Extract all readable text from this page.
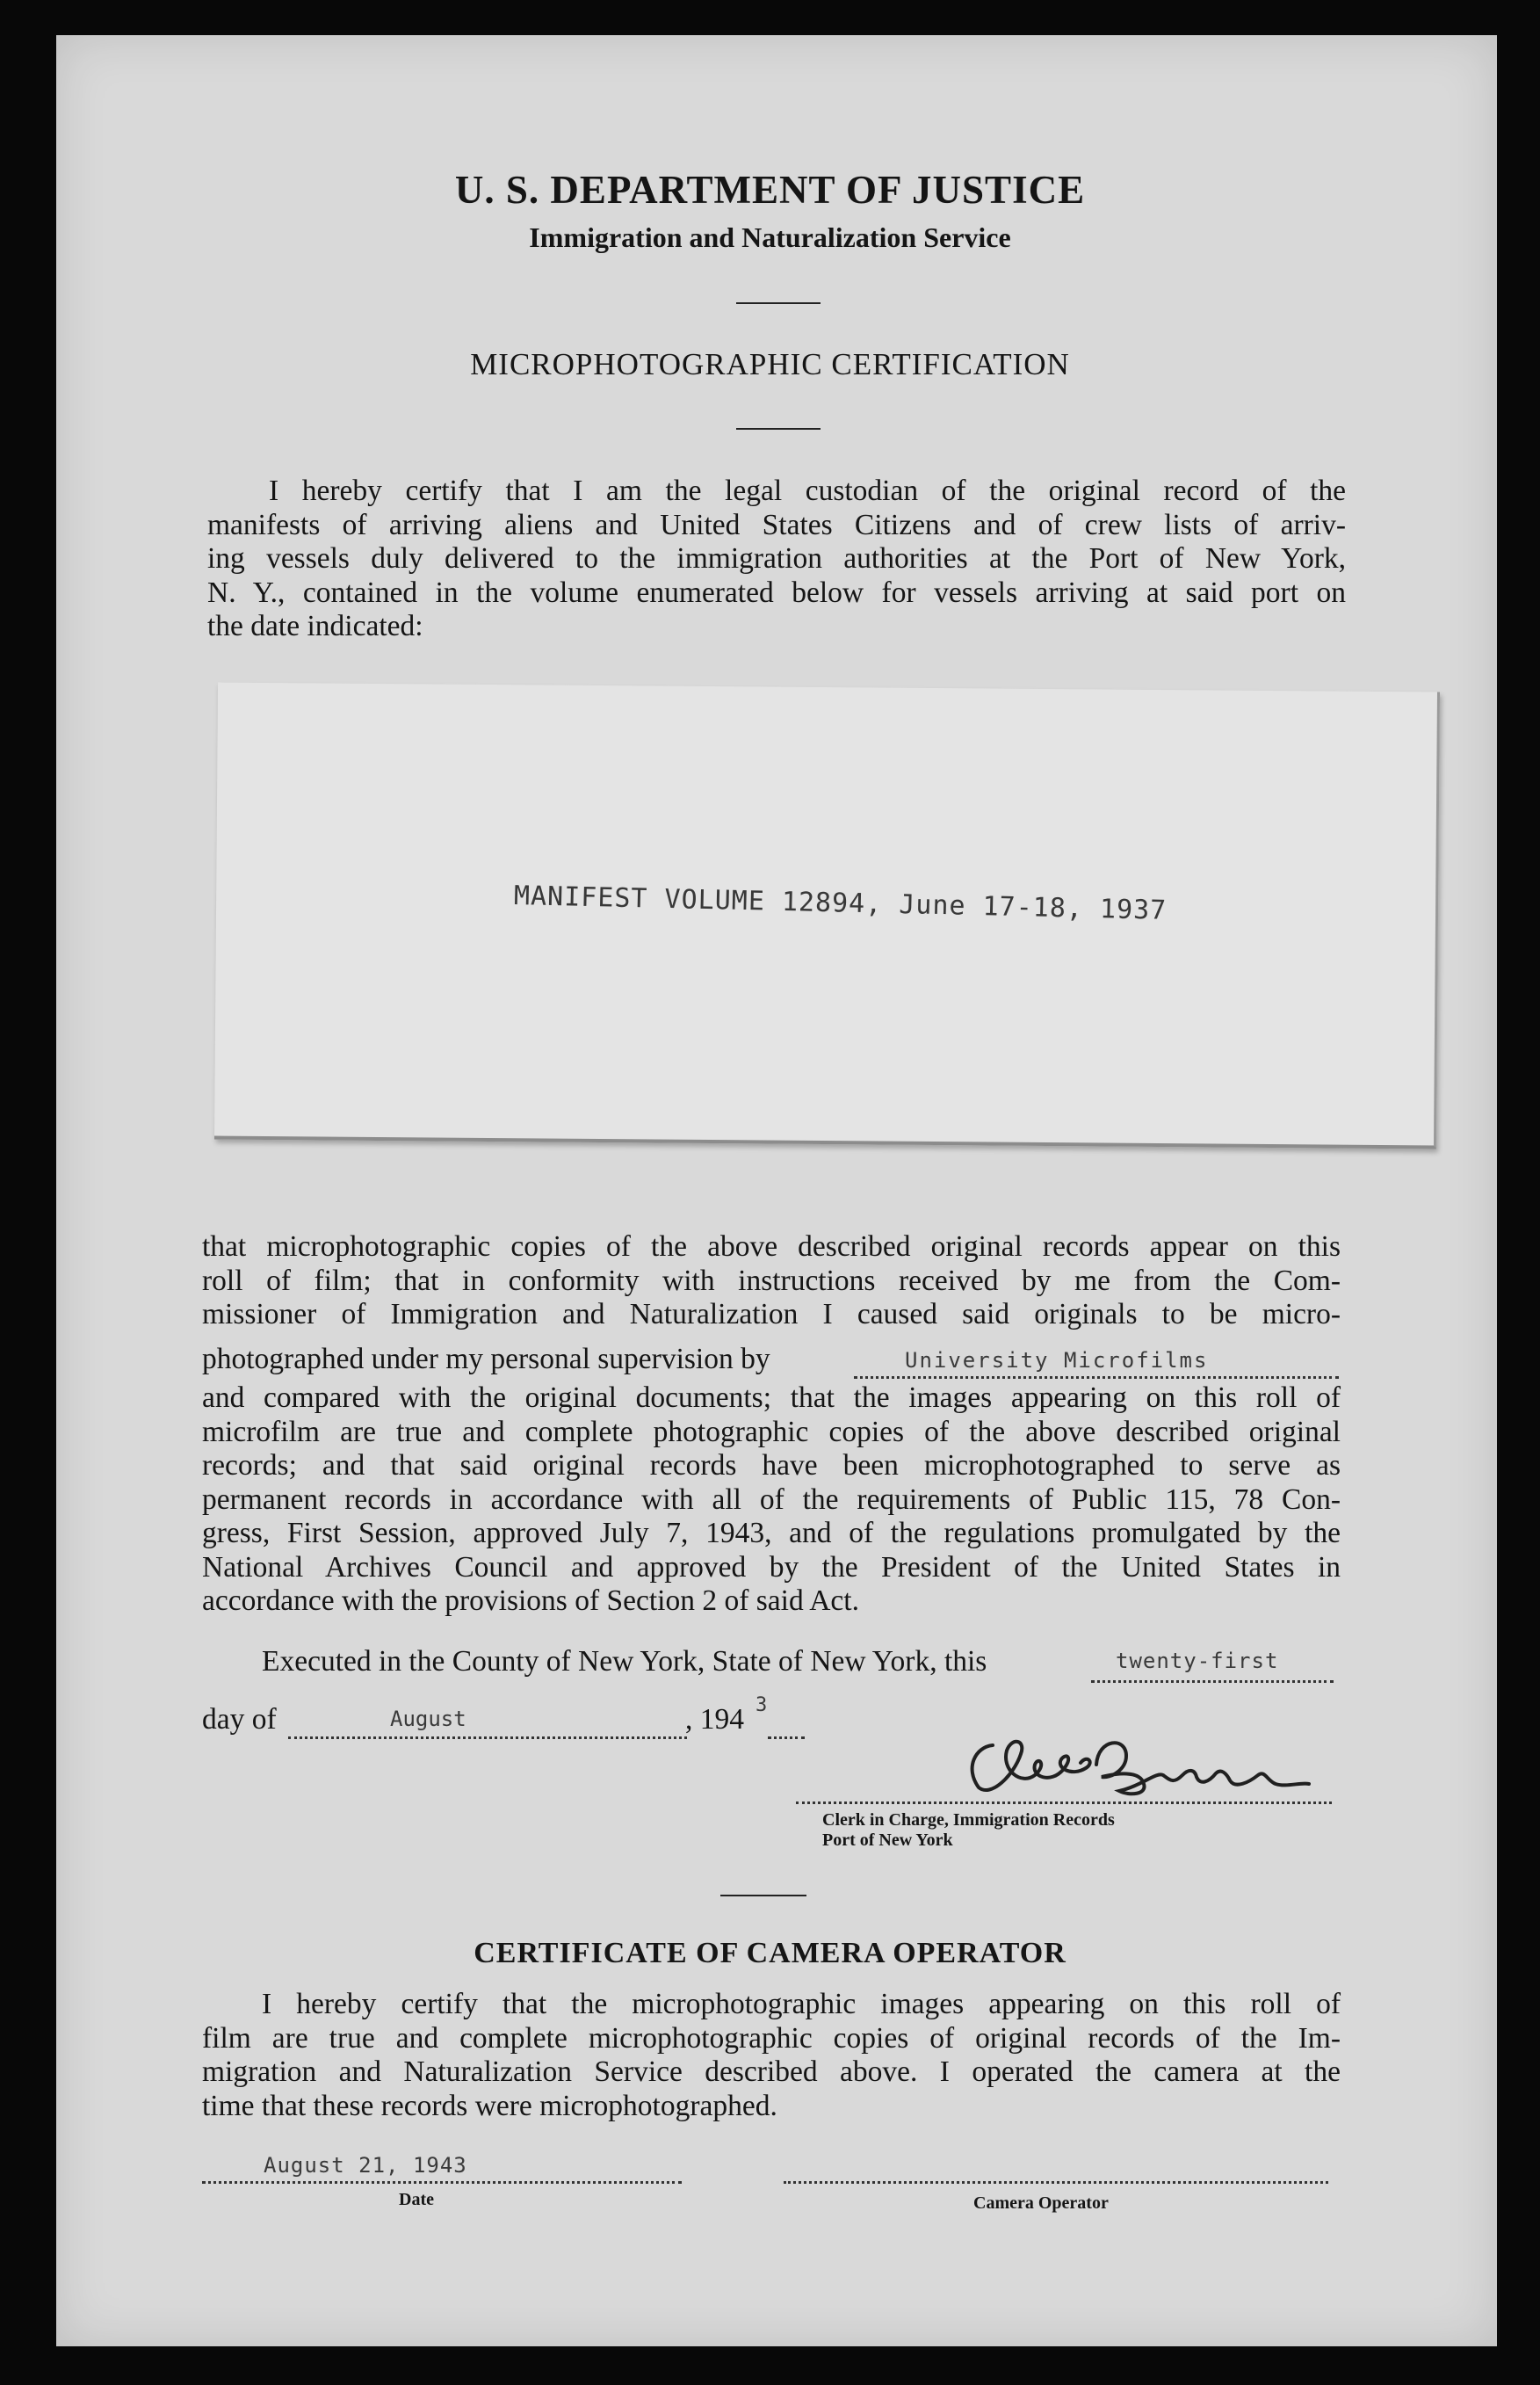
U. S. DEPARTMENT OF JUSTICE
Immigration and Naturalization Service
MICROPHOTOGRAPHIC CERTIFICATION
I hereby certify that I am the legal custodian of the original record of the
manifests of arriving aliens and United States Citizens and of crew lists of arriv-
ing vessels duly delivered to the immigration authorities at the Port of New York,
N. Y., contained in the volume enumerated below for vessels arriving at said port on
the date indicated:
MANIFEST VOLUME 12894, June 17-18, 1937
that microphotographic copies of the above described original records appear on this
roll of film; that in conformity with instructions received by me from the Com-
missioner of Immigration and Naturalization I caused said originals to be micro-
photographed under my personal supervision by	University Microfilms
and compared with the original documents; that the images appearing on this roll of
microfilm are true and complete photographic copies of the above described original
records; and that said original records have been microphotographed to serve as
permanent records in accordance with all of the requirements of Public 115, 78 Con-
gress, First Session, approved July 7, 1943, and of the regulations promulgated by the
National Archives Council and approved by the President of the United States in
accordance with the provisions of Section 2 of said Act.
Executed in the County of New York, State of New York, this	twenty-first
day of	August	, 194 3
Clerk in Charge, Immigration Records
Port of New York
CERTIFICATE OF CAMERA OPERATOR
I hereby certify that the microphotographic images appearing on this roll of
film are true and complete microphotographic copies of original records of the Im-
migration and Naturalization Service described above. I operated the camera at the
time that these records were microphotographed.
August 21, 1943
Date	Camera Operator
